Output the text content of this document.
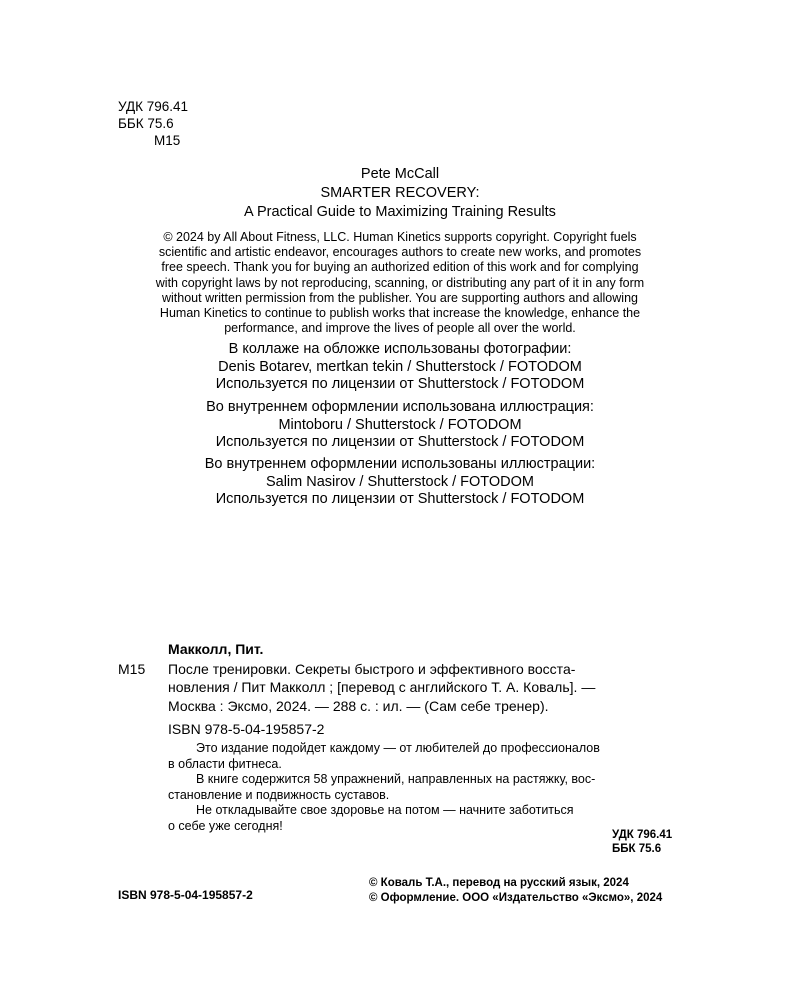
УДК 796.41
ББК 75.6
М15
Pete McCall
SMARTER RECOVERY:
A Practical Guide to Maximizing Training Results
© 2024 by All About Fitness, LLC. Human Kinetics supports copyright. Copyright fuels
scientific and artistic endeavor, encourages authors to create new works, and promotes
free speech. Thank you for buying an authorized edition of this work and for complying
with copyright laws by not reproducing, scanning, or distributing any part of it in any form
without written permission from the publisher. You are supporting authors and allowing
Human Kinetics to continue to publish works that increase the knowledge, enhance the
performance, and improve the lives of people all over the world.
В коллаже на обложке использованы фотографии:
Denis Botarev, mertkan tekin / Shutterstock / FOTODOM
Используется по лицензии от Shutterstock / FOTODOM
Во внутреннем оформлении использована иллюстрация:
Mintoboru / Shutterstock / FOTODOM
Используется по лицензии от Shutterstock / FOTODOM
Во внутреннем оформлении использованы иллюстрации:
Salim Nasirov / Shutterstock / FOTODOM
Используется по лицензии от Shutterstock / FOTODOM
Макколл, Пит.
М15 После тренировки. Секреты быстрого и эффективного восста-
новления / Пит Макколл ; [перевод с английского Т. А. Коваль]. —
Москва : Эксмо, 2024. — 288 с. : ил. — (Сам себе тренер).
ISBN 978-5-04-195857-2
Это издание подойдет каждому — от любителей до профессионалов
в области фитнеса.
В книге содержится 58 упражнений, направленных на растяжку, вос-
становление и подвижность суставов.
Не откладывайте свое здоровье на потом — начните заботиться
о себе уже сегодня!
УДК 796.41
ББК 75.6
ISBN 978-5-04-195857-2
© Коваль Т.А., перевод на русский язык, 2024
© Оформление. ООО «Издательство «Эксмо», 2024
